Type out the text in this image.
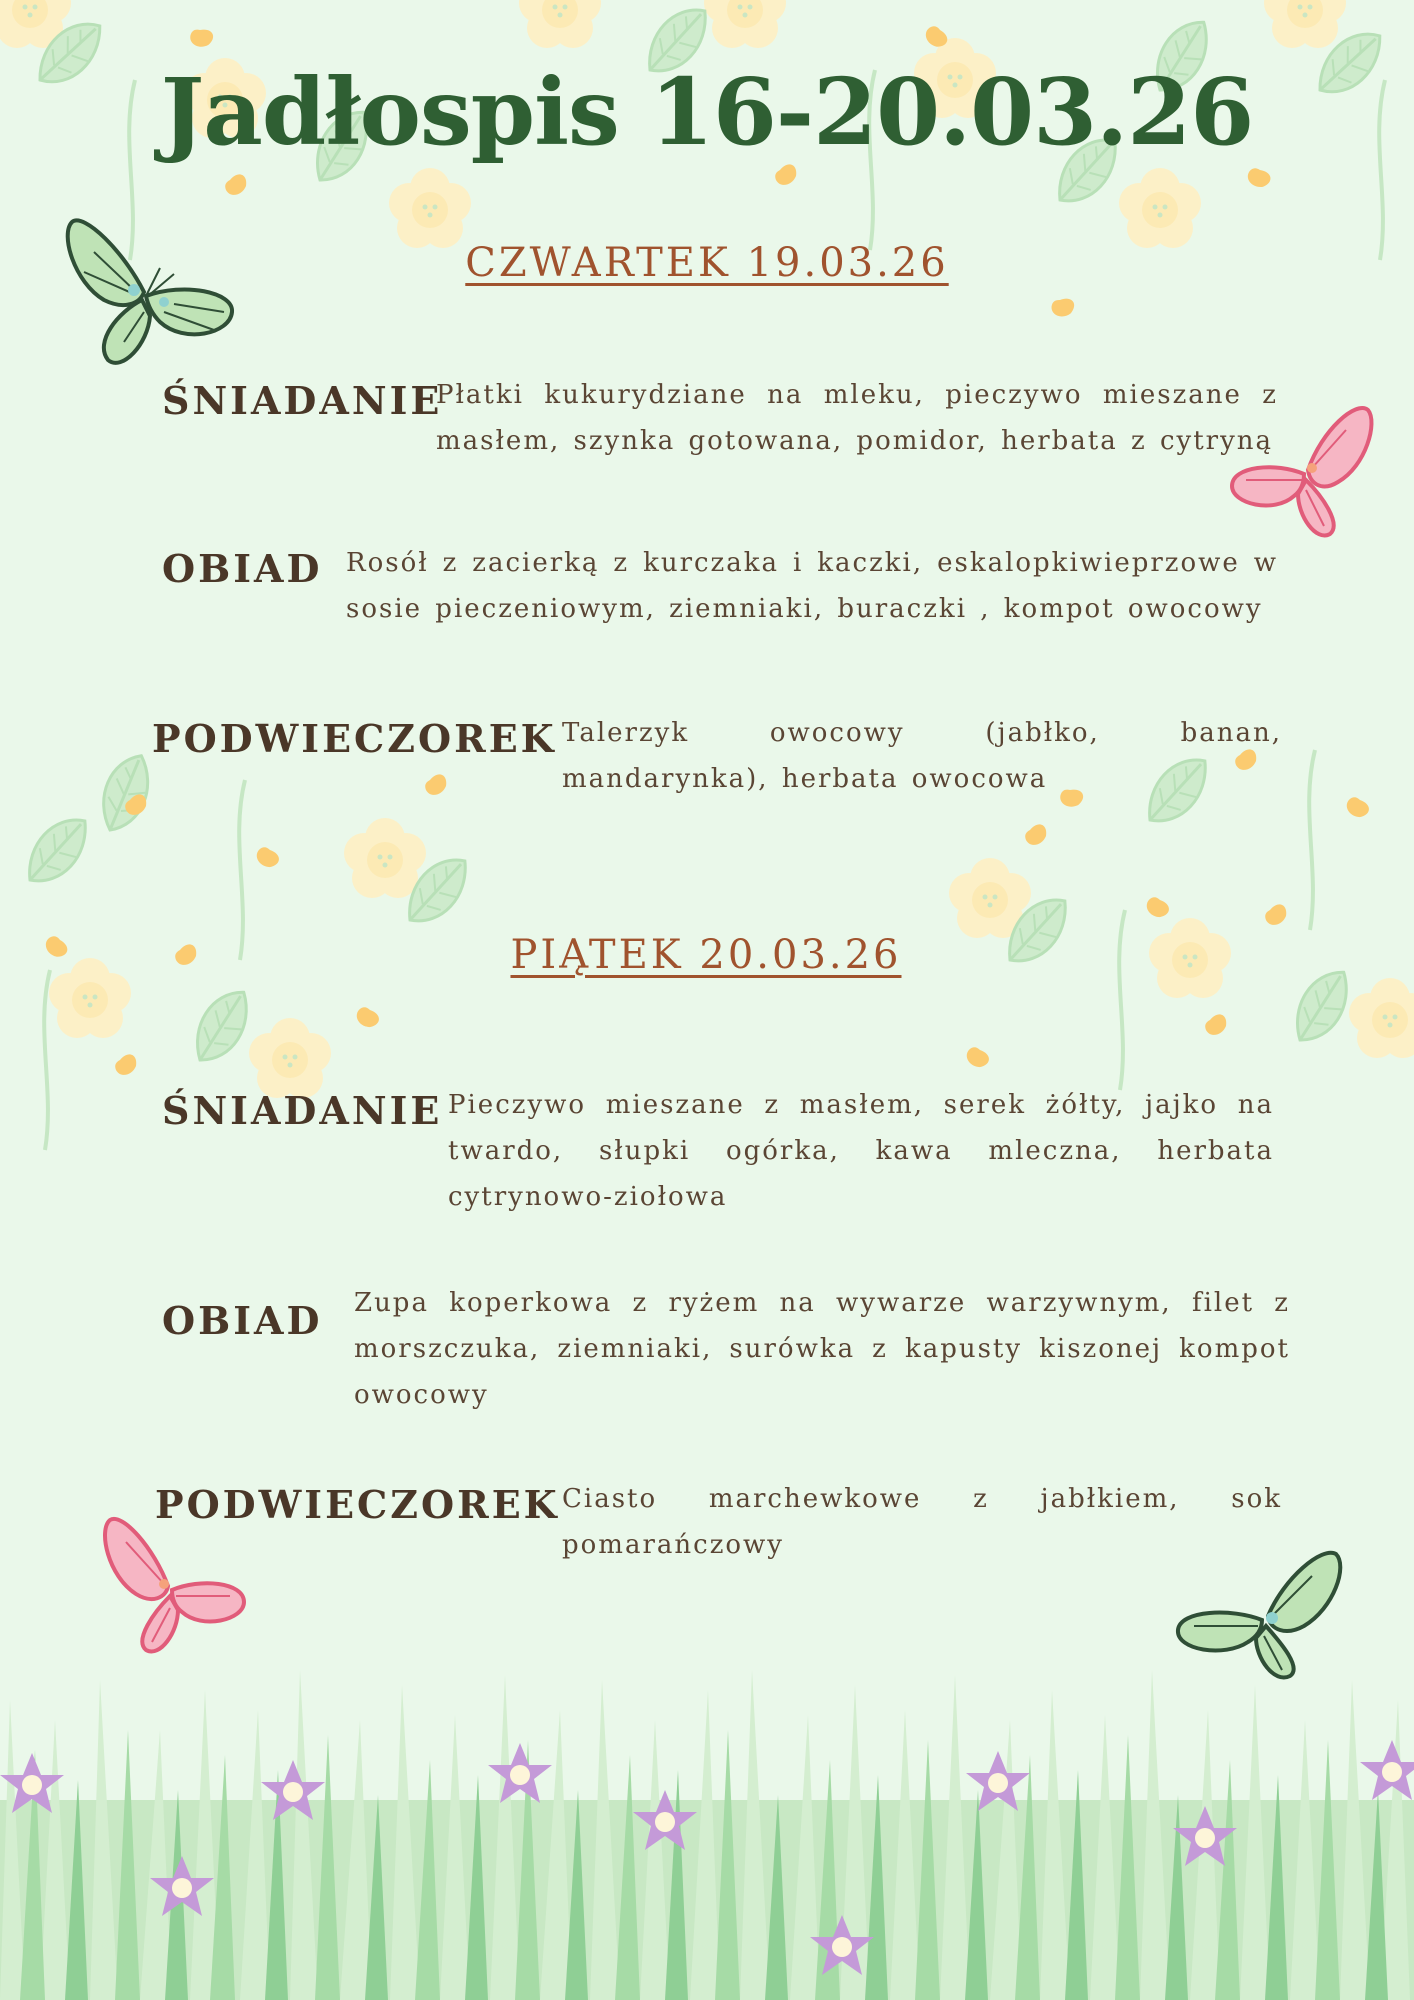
Jadłospis 16-20.03.26
CZWARTEK 19.03.26
ŚNIADANIE
Płatki kukurydziane na mleku, pieczywo mieszane z masłem, szynka gotowana, pomidor, herbata z cytryną
OBIAD Rosół z zacierką z kurczaka i kaczki, eskalopkiwieprzowe w sosie pieczeniowym, ziemniaki, buraczki , kompot owocowy
PODWIECZOREK Talerzyk owocowy (jabłko, banan, mandarynka), herbata owocowa
PIĄTEK 20.03.26
ŚNIADANIE Pieczywo mieszane z masłem, serek żółty, jajko na twardo, słupki ogórka, kawa mleczna, herbata cytrynowo-ziołowa
OBIAD Zupa koperkowa z ryżem na wywarze warzywnym, filet z morszczuka, ziemniaki, surówka z kapusty kiszonej kompot owocowy
PODWIECZOREK Ciasto marchewkowe z jabłkiem, sok pomarańczowy
